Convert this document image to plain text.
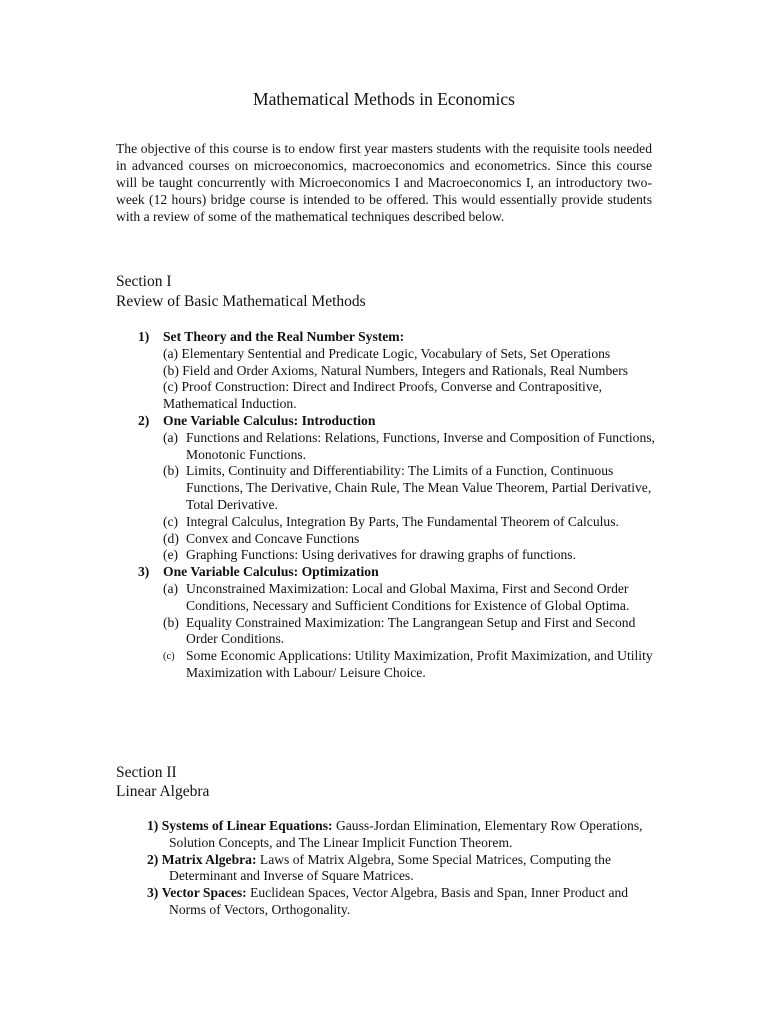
Mathematical Methods in Economics
The objective of this course is to endow first year masters students with the requisite tools needed in advanced courses on microeconomics, macroeconomics and econometrics. Since this course will be taught concurrently with Microeconomics I and Macroeconomics I, an introductory two-week (12 hours) bridge course is intended to be offered. This would essentially provide students with a review of some of the mathematical techniques described below.
Section I
Review of Basic Mathematical Methods
1) Set Theory and the Real Number System:
(a) Elementary Sentential and Predicate Logic, Vocabulary of Sets, Set Operations
(b) Field and Order Axioms, Natural Numbers, Integers and Rationals, Real Numbers
(c) Proof Construction: Direct and Indirect Proofs, Converse and Contrapositive, Mathematical Induction.
2) One Variable Calculus: Introduction
(a) Functions and Relations: Relations, Functions, Inverse and Composition of Functions, Monotonic Functions.
(b) Limits, Continuity and Differentiability: The Limits of a Function, Continuous Functions, The Derivative, Chain Rule, The Mean Value Theorem, Partial Derivative, Total Derivative.
(c) Integral Calculus, Integration By Parts, The Fundamental Theorem of Calculus.
(d) Convex and Concave Functions
(e) Graphing Functions: Using derivatives for drawing graphs of functions.
3) One Variable Calculus: Optimization
(a) Unconstrained Maximization: Local and Global Maxima, First and Second Order Conditions, Necessary and Sufficient Conditions for Existence of Global Optima.
(b) Equality Constrained Maximization: The Langrangean Setup and First and Second Order Conditions.
(c) Some Economic Applications: Utility Maximization, Profit Maximization, and Utility Maximization with Labour/ Leisure Choice.
Section II
Linear Algebra
1) Systems of Linear Equations: Gauss-Jordan Elimination, Elementary Row Operations, Solution Concepts, and The Linear Implicit Function Theorem.
2) Matrix Algebra: Laws of Matrix Algebra, Some Special Matrices, Computing the Determinant and Inverse of Square Matrices.
3) Vector Spaces: Euclidean Spaces, Vector Algebra, Basis and Span, Inner Product and Norms of Vectors, Orthogonality.
